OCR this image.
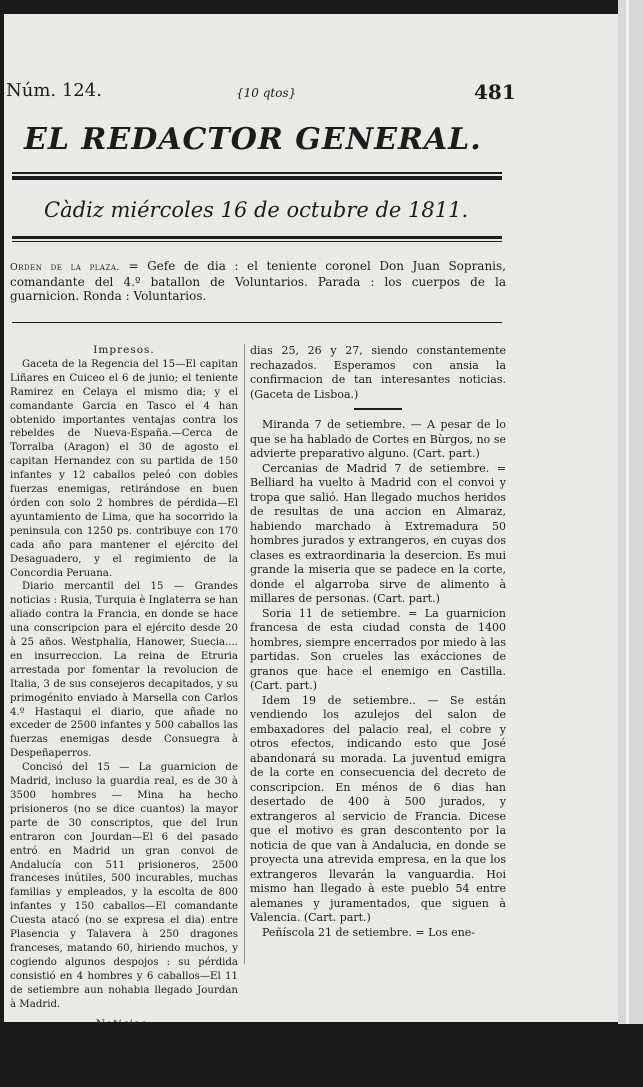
Núm. 124.	{10 qtos}	481
EL REDACTOR GENERAL.
Càdiz miércoles 16 de octubre de 1811.
Orden de la plaza. = Gefe de dia : el teniente coronel Don Juan Sopranis, comandante del 4.º batallon de Voluntarios. Parada : los cuerpos de la guarnicion. Ronda : Voluntarios.

Impresos.

Gaceta de la Regencia del 15—El capitan Liñares en Cuiceo el 6 de junio; el teniente Ramirez en Celaya el mismo dia; y el comandante Garcia en Tasco el 4 han obtenido importantes ventajas contra los rebeldes de Nueva-España.—Cerca de Torralba (Aragon) el 30 de agosto el capitan Hernandez con su partida de 150 infantes y 12 caballos peleó con dobles fuerzas enemigas, retirándose en buen órden con solo 2 hombres de pérdida—El ayuntamiento de Lima, que ha socorrido la peninsula con 1250 ps. contribuye con 170 cada año para mantener el ejército del Desaguadero, y el regimiento de la Concordia Peruana.

Diario mercantil del 15 — Grandes noticias : Rusia, Turquia è Inglaterra se han aliado contra la Francia, en donde se hace una conscripcion para el ejército desde 20 à 25 años. Westphalia, Hanower, Suecia.... en insurreccion. La reina de Etruria arrestada por fomentar la revolucion de Italia, 3 de sus consejeros decapitados, y su primogénito enviado à Marsella con Carlos 4.º Hastaqui el diario, que añade no exceder de 2500 infantes y 500 caballos las fuerzas enemigas desde Consuegra à Despeñaperros.

Concisó del 15 — La guarnicion de Madrid, incluso la guardia real, es de 30 à 3500 hombres — Mina ha hecho prisioneros (no se dice cuantos) la mayor parte de 30 conscriptos, que del Irun entraron con Jourdan—El 6 del pasado entró en Madrid un gran convoi de Andalucía con 511 prisioneros, 2500 franceses inútiles, 500 incurables, muchas familias y empleados, y la escolta de 800 infantes y 150 caballos—El comandante Cuesta atacó (no se expresa el dia) entre Plasencia y Talavera à 250 dragones franceses, matando 60, hiriendo muchos, y cogiendo algunos despojos : su pérdida consistió en 4 hombres y 6 caballos—El 11 de setiembre aun nohabia llegado Jourdan à Madrid.

Noticias.

Lisboa 5 de octubre. = Se han recibido cartas de Fuente Guinaldo y Quadrazaes, fechas del 25 y 29 de setiembre, en que se refiere haber atacado los enemigos en los

dias 25, 26 y 27, siendo constantemente rechazados. Esperamos con ansia la confirmacion de tan interesantes noticias. (Gaceta de Lisboa.)

Miranda 7 de setiembre. — A pesar de lo que se ha hablado de Cortes en Bùrgos, no se advierte preparativo alguno. (Cart. part.)

Cercanias de Madrid 7 de setiembre. = Belliard ha vuelto à Madrid con el convoi y tropa que salió. Han llegado muchos heridos de resultas de una accion en Almaraz, habiendo marchado à Extremadura 50 hombres jurados y extrangeros, en cuyas dos clases es extraordinaria la desercion. Es mui grande la miseria que se padece en la corte, donde el algarroba sirve de alimento à millares de personas. (Cart. part.)

Soria 11 de setiembre. = La guarnicion francesa de esta ciudad consta de 1400 hombres, siempre encerrados por miedo à las partidas. Son crueles las exácciones de granos que hace el enemigo en Castilla. (Cart. part.)

Idem 19 de setiembre.. — Se están vendiendo los azulejos del salon de embaxadores del palacio real, el cobre y otros efectos, indicando esto que José abandonará su morada. La juventud emigra de la corte en consecuencia del decreto de conscripcion. En ménos de 6 dias han desertado de 400 à 500 jurados, y extrangeros al servicio de Francia. Dicese que el motivo es gran descontento por la noticia de que van à Andalucia, en donde se proyecta una atrevida empresa, en la que los extrangeros llevarán la vanguardia. Hoi mismo han llegado à este pueblo 54 entre alemanes y juramentados, que siguen à Valencia. (Cart. part.)

Peñíscola 21 de setiembre. = Los ene-
